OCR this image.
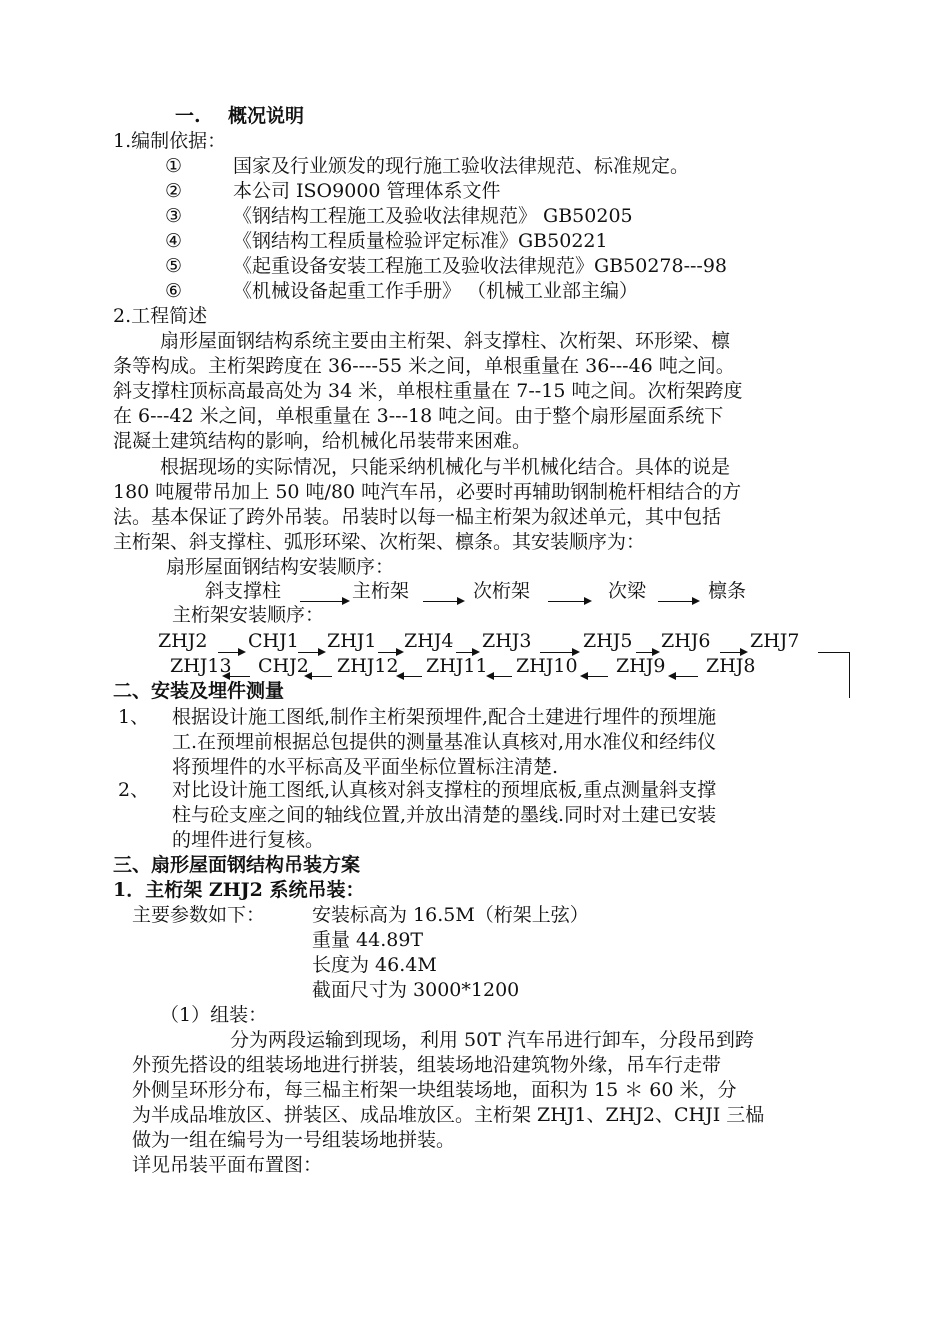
一. 概况说明
1.编制依据：
①	国家及行业颁发的现行施工验收法律规范、标准规定。
②	本公司 ISO9000 管理体系文件
③	《钢结构工程施工及验收法律规范》 GB50205
④	《钢结构工程质量检验评定标准》GB50221
⑤	《起重设备安装工程施工及验收法律规范》GB50278---98
⑥	《机械设备起重工作手册》 （机械工业部主编）
2.工程简述
扇形屋面钢结构系统主要由主桁架、斜支撑柱、次桁架、环形梁、檩
条等构成。主桁架跨度在 36----55 米之间，单根重量在 36---46 吨之间。
斜支撑柱顶标高最高处为 34 米，单根柱重量在 7--15 吨之间。次桁架跨度
在 6---42 米之间，单根重量在 3---18 吨之间。由于整个扇形屋面系统下
混凝土建筑结构的影响，给机械化吊装带来困难。
根据现场的实际情况，只能采纳机械化与半机械化结合。具体的说是
180 吨履带吊加上 50 吨/80 吨汽车吊，必要时再辅助钢制桅杆相结合的方
法。基本保证了跨外吊装。吊装时以每一榀主桁架为叙述单元，其中包括
主桁架、斜支撑柱、弧形环梁、次桁架、檩条。其安装顺序为：
扇形屋面钢结构安装顺序：
斜支撑柱	主桁架	次桁架	次梁	檩条
主桁架安装顺序：
ZHJ2 CHJ1 ZHJ1 ZHJ4 ZHJ3	ZHJ5 ZHJ6 ZHJ7
ZHJ13 CHJ2 ZHJ12 ZHJ11 ZHJ10 ZHJ9 ZHJ8
二、安装及埋件测量
1、 根据设计施工图纸,制作主桁架预埋件,配合土建进行埋件的预埋施
工.在预埋前根据总包提供的测量基准认真核对,用水准仪和经纬仪
将预埋件的水平标高及平面坐标位置标注清楚.
2、 对比设计施工图纸,认真核对斜支撑柱的预埋底板,重点测量斜支撑
柱与砼支座之间的轴线位置,并放出清楚的墨线.同时对土建已安装
的埋件进行复核。
三、扇形屋面钢结构吊装方案
1．主桁架 ZHJ2 系统吊装：
主要参数如下： 安装标高为 16.5M（桁架上弦）
重量 44.89T
长度为 46.4M
截面尺寸为 3000*1200
（1）组装：
分为两段运输到现场，利用 50T 汽车吊进行卸车，分段吊到跨
外预先搭设的组装场地进行拼装，组装场地沿建筑物外缘，吊车行走带
外侧呈环形分布，每三榀主桁架一块组装场地，面积为 15 ＊ 60 米，分
为半成品堆放区、拼装区、成品堆放区。主桁架 ZHJ1、ZHJ2、CHJI 三榀
做为一组在编号为一号组装场地拼装。
详见吊装平面布置图：
